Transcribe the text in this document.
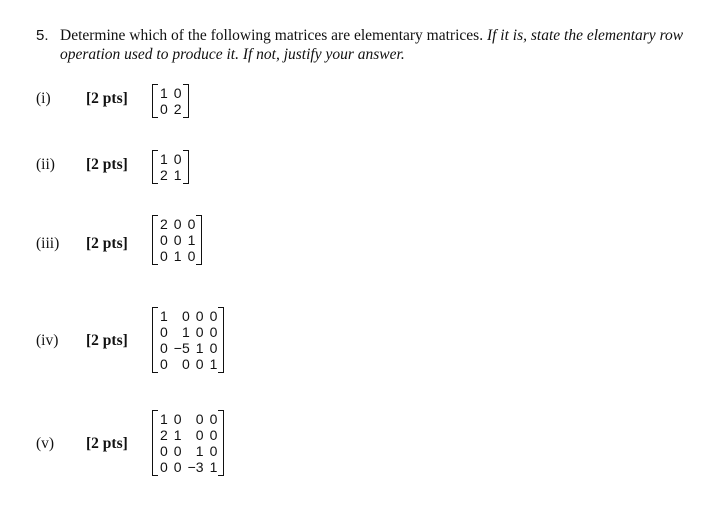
5. Determine which of the following matrices are elementary matrices. If it is, state the elementary row
operation used to produce it. If not, justify your answer.
(i) [2 pts] 1	0
0	2
(ii) [2 pts] 1	0
2	1
(iii) [2 pts]
2	0	0
0	0	1
0	1	0
(iv) [2 pts]
1	0	0	0
0	1	0	0
0	−5	1	0
0	0	0	1
(v) [2 pts]
1	0	0	0
2	1	0	0
0	0	1	0
0	0	−3	1
